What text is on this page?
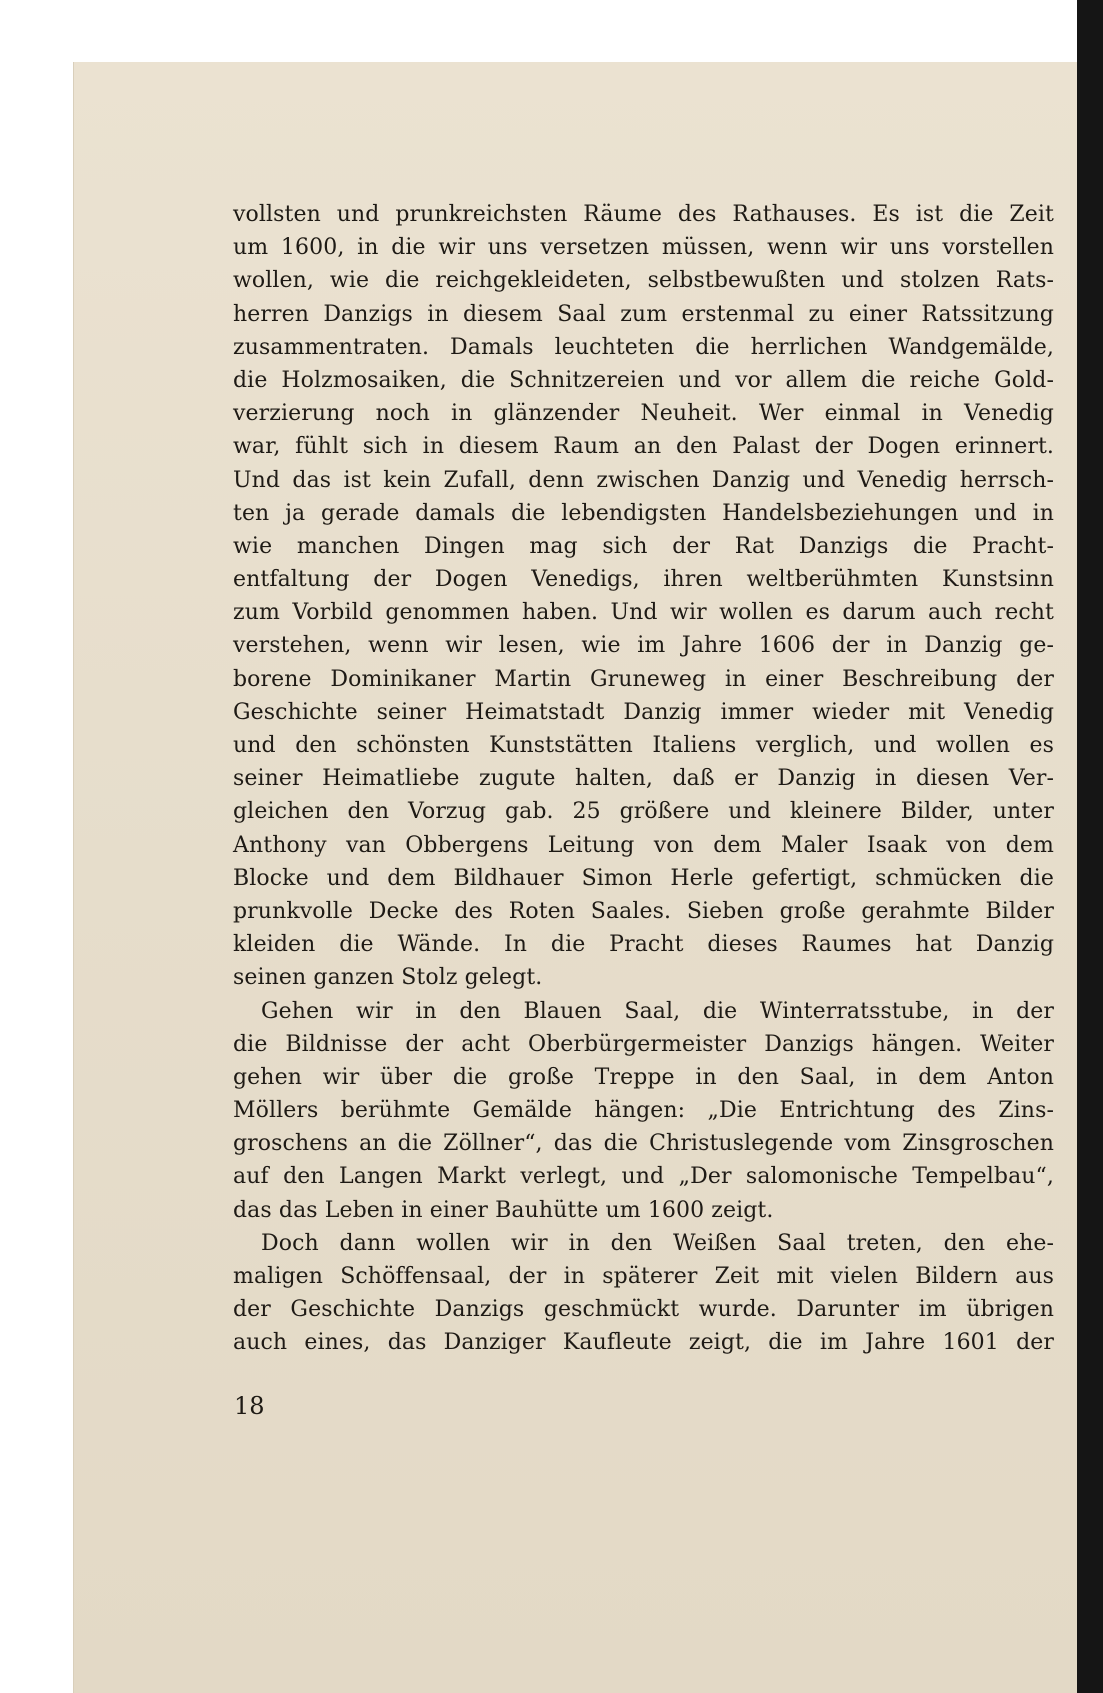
vollsten und prunkreichsten Räume des Rathauses. Es ist die Zeit
um 1600, in die wir uns versetzen müssen, wenn wir uns vorstellen
wollen, wie die reichgekleideten, selbstbewußten und stolzen Rats-
herren Danzigs in diesem Saal zum erstenmal zu einer Ratssitzung
zusammentraten. Damals leuchteten die herrlichen Wandgemälde,
die Holzmosaiken, die Schnitzereien und vor allem die reiche Gold-
verzierung noch in glänzender Neuheit. Wer einmal in Venedig
war, fühlt sich in diesem Raum an den Palast der Dogen erinnert.
Und das ist kein Zufall, denn zwischen Danzig und Venedig herrsch-
ten ja gerade damals die lebendigsten Handelsbeziehungen und in
wie manchen Dingen mag sich der Rat Danzigs die Pracht-
entfaltung der Dogen Venedigs, ihren weltberühmten Kunstsinn
zum Vorbild genommen haben. Und wir wollen es darum auch recht
verstehen, wenn wir lesen, wie im Jahre 1606 der in Danzig ge-
borene Dominikaner Martin Gruneweg in einer Beschreibung der
Geschichte seiner Heimatstadt Danzig immer wieder mit Venedig
und den schönsten Kunststätten Italiens verglich, und wollen es
seiner Heimatliebe zugute halten, daß er Danzig in diesen Ver-
gleichen den Vorzug gab. 25 größere und kleinere Bilder, unter
Anthony van Obbergens Leitung von dem Maler Isaak von dem
Blocke und dem Bildhauer Simon Herle gefertigt, schmücken die
prunkvolle Decke des Roten Saales. Sieben große gerahmte Bilder
kleiden die Wände. In die Pracht dieses Raumes hat Danzig
seinen ganzen Stolz gelegt.
Gehen wir in den Blauen Saal, die Winterratsstube, in der
die Bildnisse der acht Oberbürgermeister Danzigs hängen. Weiter
gehen wir über die große Treppe in den Saal, in dem Anton
Möllers berühmte Gemälde hängen: „Die Entrichtung des Zins-
groschens an die Zöllner“, das die Christuslegende vom Zinsgroschen
auf den Langen Markt verlegt, und „Der salomonische Tempelbau“,
das das Leben in einer Bauhütte um 1600 zeigt.
Doch dann wollen wir in den Weißen Saal treten, den ehe-
maligen Schöffensaal, der in späterer Zeit mit vielen Bildern aus
der Geschichte Danzigs geschmückt wurde. Darunter im übrigen
auch eines, das Danziger Kaufleute zeigt, die im Jahre 1601 der
18
